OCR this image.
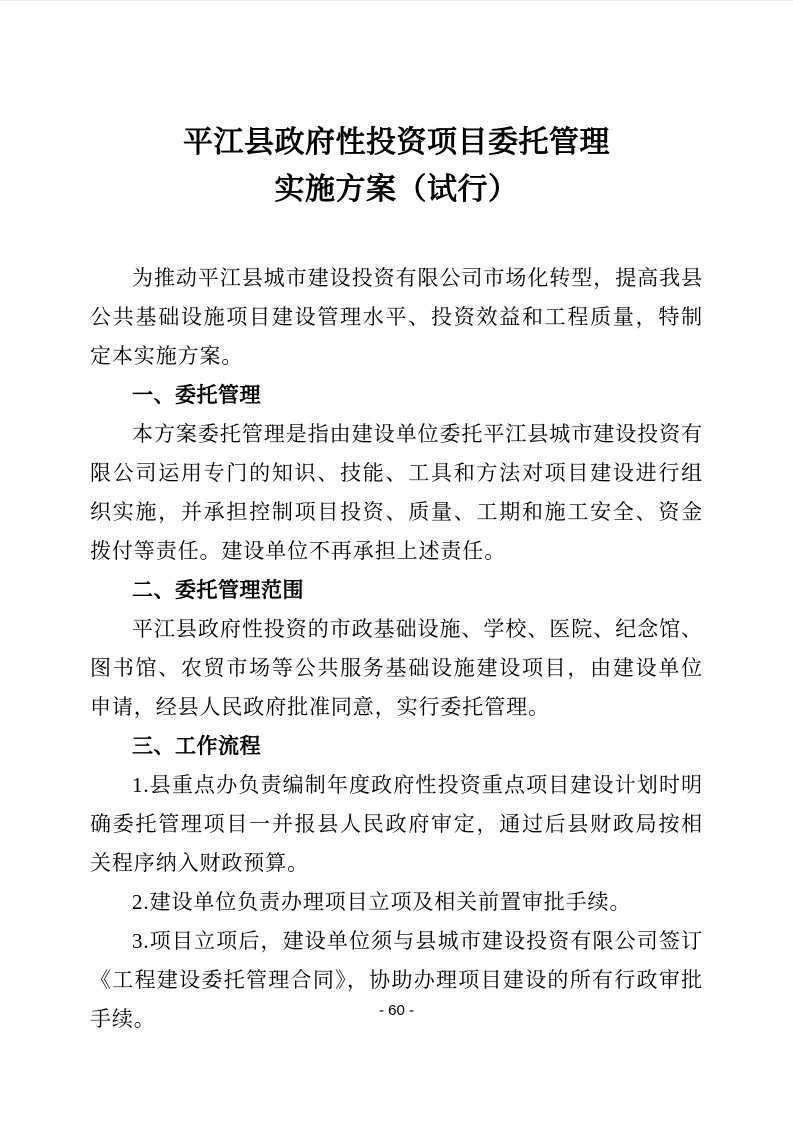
平江县政府性投资项目委托管理
实施方案（试行）

为推动平江县城市建设投资有限公司市场化转型，提高我县公共基础设施项目建设管理水平、投资效益和工程质量，特制定本实施方案。

一、委托管理

本方案委托管理是指由建设单位委托平江县城市建设投资有限公司运用专门的知识、技能、工具和方法对项目建设进行组织实施，并承担控制项目投资、质量、工期和施工安全、资金拨付等责任。建设单位不再承担上述责任。

二、委托管理范围

平江县政府性投资的市政基础设施、学校、医院、纪念馆、图书馆、农贸市场等公共服务基础设施建设项目，由建设单位申请，经县人民政府批准同意，实行委托管理。

三、工作流程

1.县重点办负责编制年度政府性投资重点项目建设计划时明确委托管理项目一并报县人民政府审定，通过后县财政局按相关程序纳入财政预算。

2.建设单位负责办理项目立项及相关前置审批手续。

3.项目立项后，建设单位须与县城市建设投资有限公司签订《工程建设委托管理合同》，协助办理项目建设的所有行政审批手续。	- 60 -
